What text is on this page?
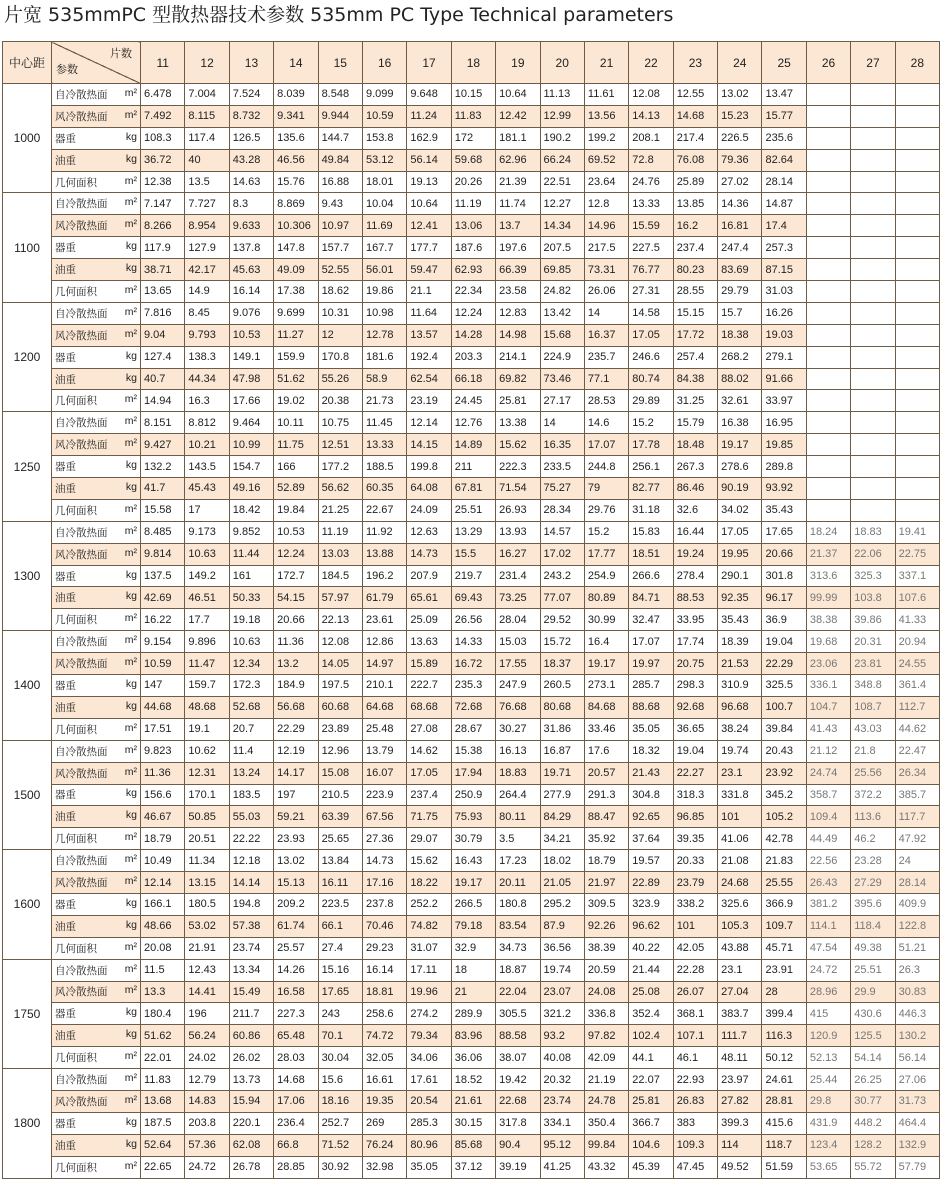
片宽 535mmPC 型散热器技术参数 535mm PC Type Technical parameters
中心距	片数
参数	11	12	13	14	15	16	17	18	19	20	21	22	23	24	25	26	27	28
1000	自冷散热面 m²	6.478	7.004	7.524	8.039	8.548	9.099	9.648	10.15	10.64	11.13	11.61	12.08	12.55	13.02	13.47			

	风冷散热面 m²	7.492	8.115	8.732	9.341	9.944	10.59	11.24	11.83	12.42	12.99	13.56	14.13	14.68	15.23	15.77			

	器重 kg	108.3	117.4	126.5	135.6	144.7	153.8	162.9	172	181.1	190.2	199.2	208.1	217.4	226.5	235.6			

	油重 kg	36.72	40	43.28	46.56	49.84	53.12	56.14	59.68	62.96	66.24	69.52	72.8	76.08	79.36	82.64			

	几何面积 m²	12.38	13.5	14.63	15.76	16.88	18.01	19.13	20.26	21.39	22.51	23.64	24.76	25.89	27.02	28.14			
1100	自冷散热面 m²	7.147	7.727	8.3	8.869	9.43	10.04	10.64	11.19	11.74	12.27	12.8	13.33	13.85	14.36	14.87			

	风冷散热面 m²	8.266	8.954	9.633	10.306	10.97	11.69	12.41	13.06	13.7	14.34	14.96	15.59	16.2	16.81	17.4			

	器重 kg	117.9	127.9	137.8	147.8	157.7	167.7	177.7	187.6	197.6	207.5	217.5	227.5	237.4	247.4	257.3			

	油重 kg	38.71	42.17	45.63	49.09	52.55	56.01	59.47	62.93	66.39	69.85	73.31	76.77	80.23	83.69	87.15			

	几何面积 m²	13.65	14.9	16.14	17.38	18.62	19.86	21.1	22.34	23.58	24.82	26.06	27.31	28.55	29.79	31.03			
1200	自冷散热面 m²	7.816	8.45	9.076	9.699	10.31	10.98	11.64	12.24	12.83	13.42	14	14.58	15.15	15.7	16.26			

	风冷散热面 m²	9.04	9.793	10.53	11.27	12	12.78	13.57	14.28	14.98	15.68	16.37	17.05	17.72	18.38	19.03			

	器重 kg	127.4	138.3	149.1	159.9	170.8	181.6	192.4	203.3	214.1	224.9	235.7	246.6	257.4	268.2	279.1			

	油重 kg	40.7	44.34	47.98	51.62	55.26	58.9	62.54	66.18	69.82	73.46	77.1	80.74	84.38	88.02	91.66			

	几何面积 m²	14.94	16.3	17.66	19.02	20.38	21.73	23.19	24.45	25.81	27.17	28.53	29.89	31.25	32.61	33.97			
1250	自冷散热面 m²	8.151	8.812	9.464	10.11	10.75	11.45	12.14	12.76	13.38	14	14.6	15.2	15.79	16.38	16.95			

	风冷散热面 m²	9.427	10.21	10.99	11.75	12.51	13.33	14.15	14.89	15.62	16.35	17.07	17.78	18.48	19.17	19.85			

	器重 kg	132.2	143.5	154.7	166	177.2	188.5	199.8	211	222.3	233.5	244.8	256.1	267.3	278.6	289.8			

	油重 kg	41.7	45.43	49.16	52.89	56.62	60.35	64.08	67.81	71.54	75.27	79	82.77	86.46	90.19	93.92			

	几何面积 m²	15.58	17	18.42	19.84	21.25	22.67	24.09	25.51	26.93	28.34	29.76	31.18	32.6	34.02	35.43			
1300	自冷散热面 m²	8.485	9.173	9.852	10.53	11.19	11.92	12.63	13.29	13.93	14.57	15.2	15.83	16.44	17.05	17.65	18.24	18.83	19.41

	风冷散热面 m²	9.814	10.63	11.44	12.24	13.03	13.88	14.73	15.5	16.27	17.02	17.77	18.51	19.24	19.95	20.66	21.37	22.06	22.75

	器重 kg	137.5	149.2	161	172.7	184.5	196.2	207.9	219.7	231.4	243.2	254.9	266.6	278.4	290.1	301.8	313.6	325.3	337.1

	油重 kg	42.69	46.51	50.33	54.15	57.97	61.79	65.61	69.43	73.25	77.07	80.89	84.71	88.53	92.35	96.17	99.99	103.8	107.6

	几何面积 m²	16.22	17.7	19.18	20.66	22.13	23.61	25.09	26.56	28.04	29.52	30.99	32.47	33.95	35.43	36.9	38.38	39.86	41.33
1400	自冷散热面 m²	9.154	9.896	10.63	11.36	12.08	12.86	13.63	14.33	15.03	15.72	16.4	17.07	17.74	18.39	19.04	19.68	20.31	20.94

	风冷散热面 m²	10.59	11.47	12.34	13.2	14.05	14.97	15.89	16.72	17.55	18.37	19.17	19.97	20.75	21.53	22.29	23.06	23.81	24.55

	器重 kg	147	159.7	172.3	184.9	197.5	210.1	222.7	235.3	247.9	260.5	273.1	285.7	298.3	310.9	325.5	336.1	348.8	361.4

	油重 kg	44.68	48.68	52.68	56.68	60.68	64.68	68.68	72.68	76.68	80.68	84.68	88.68	92.68	96.68	100.7	104.7	108.7	112.7

	几何面积 m²	17.51	19.1	20.7	22.29	23.89	25.48	27.08	28.67	30.27	31.86	33.46	35.05	36.65	38.24	39.84	41.43	43.03	44.62
1500	自冷散热面 m²	9.823	10.62	11.4	12.19	12.96	13.79	14.62	15.38	16.13	16.87	17.6	18.32	19.04	19.74	20.43	21.12	21.8	22.47

	风冷散热面 m²	11.36	12.31	13.24	14.17	15.08	16.07	17.05	17.94	18.83	19.71	20.57	21.43	22.27	23.1	23.92	24.74	25.56	26.34

	器重 kg	156.6	170.1	183.5	197	210.5	223.9	237.4	250.9	264.4	277.9	291.3	304.8	318.3	331.8	345.2	358.7	372.2	385.7

	油重 kg	46.67	50.85	55.03	59.21	63.39	67.56	71.75	75.93	80.11	84.29	88.47	92.65	96.85	101	105.2	109.4	113.6	117.7

	几何面积 m²	18.79	20.51	22.22	23.93	25.65	27.36	29.07	30.79	3.5	34.21	35.92	37.64	39.35	41.06	42.78	44.49	46.2	47.92
1600	自冷散热面 m²	10.49	11.34	12.18	13.02	13.84	14.73	15.62	16.43	17.23	18.02	18.79	19.57	20.33	21.08	21.83	22.56	23.28	24

	风冷散热面 m²	12.14	13.15	14.14	15.13	16.11	17.16	18.22	19.17	20.11	21.05	21.97	22.89	23.79	24.68	25.55	26.43	27.29	28.14

	器重 kg	166.1	180.5	194.8	209.2	223.5	237.8	252.2	266.5	180.8	295.2	309.5	323.9	338.2	325.6	366.9	381.2	395.6	409.9

	油重 kg	48.66	53.02	57.38	61.74	66.1	70.46	74.82	79.18	83.54	87.9	92.26	96.62	101	105.3	109.7	114.1	118.4	122.8

	几何面积 m²	20.08	21.91	23.74	25.57	27.4	29.23	31.07	32.9	34.73	36.56	38.39	40.22	42.05	43.88	45.71	47.54	49.38	51.21
1750	自冷散热面 m²	11.5	12.43	13.34	14.26	15.16	16.14	17.11	18	18.87	19.74	20.59	21.44	22.28	23.1	23.91	24.72	25.51	26.3

	风冷散热面 m²	13.3	14.41	15.49	16.58	17.65	18.81	19.96	21	22.04	23.07	24.08	25.08	26.07	27.04	28	28.96	29.9	30.83

	器重 kg	180.4	196	211.7	227.3	243	258.6	274.2	289.9	305.5	321.2	336.8	352.4	368.1	383.7	399.4	415	430.6	446.3

	油重 kg	51.62	56.24	60.86	65.48	70.1	74.72	79.34	83.96	88.58	93.2	97.82	102.4	107.1	111.7	116.3	120.9	125.5	130.2

	几何面积 m²	22.01	24.02	26.02	28.03	30.04	32.05	34.06	36.06	38.07	40.08	42.09	44.1	46.1	48.11	50.12	52.13	54.14	56.14
1800	自冷散热面 m²	11.83	12.79	13.73	14.68	15.6	16.61	17.61	18.52	19.42	20.32	21.19	22.07	22.93	23.97	24.61	25.44	26.25	27.06

	风冷散热面 m²	13.68	14.83	15.94	17.06	18.16	19.35	20.54	21.61	22.68	23.74	24.78	25.81	26.83	27.82	28.81	29.8	30.77	31.73

	器重 kg	187.5	203.8	220.1	236.4	252.7	269	285.3	30.15	317.8	334.1	350.4	366.7	383	399.3	415.6	431.9	448.2	464.4

	油重 kg	52.64	57.36	62.08	66.8	71.52	76.24	80.96	85.68	90.4	95.12	99.84	104.6	109.3	114	118.7	123.4	128.2	132.9

	几何面积 m²	22.65	24.72	26.78	28.85	30.92	32.98	35.05	37.12	39.19	41.25	43.32	45.39	47.45	49.52	51.59	53.65	55.72	57.79
